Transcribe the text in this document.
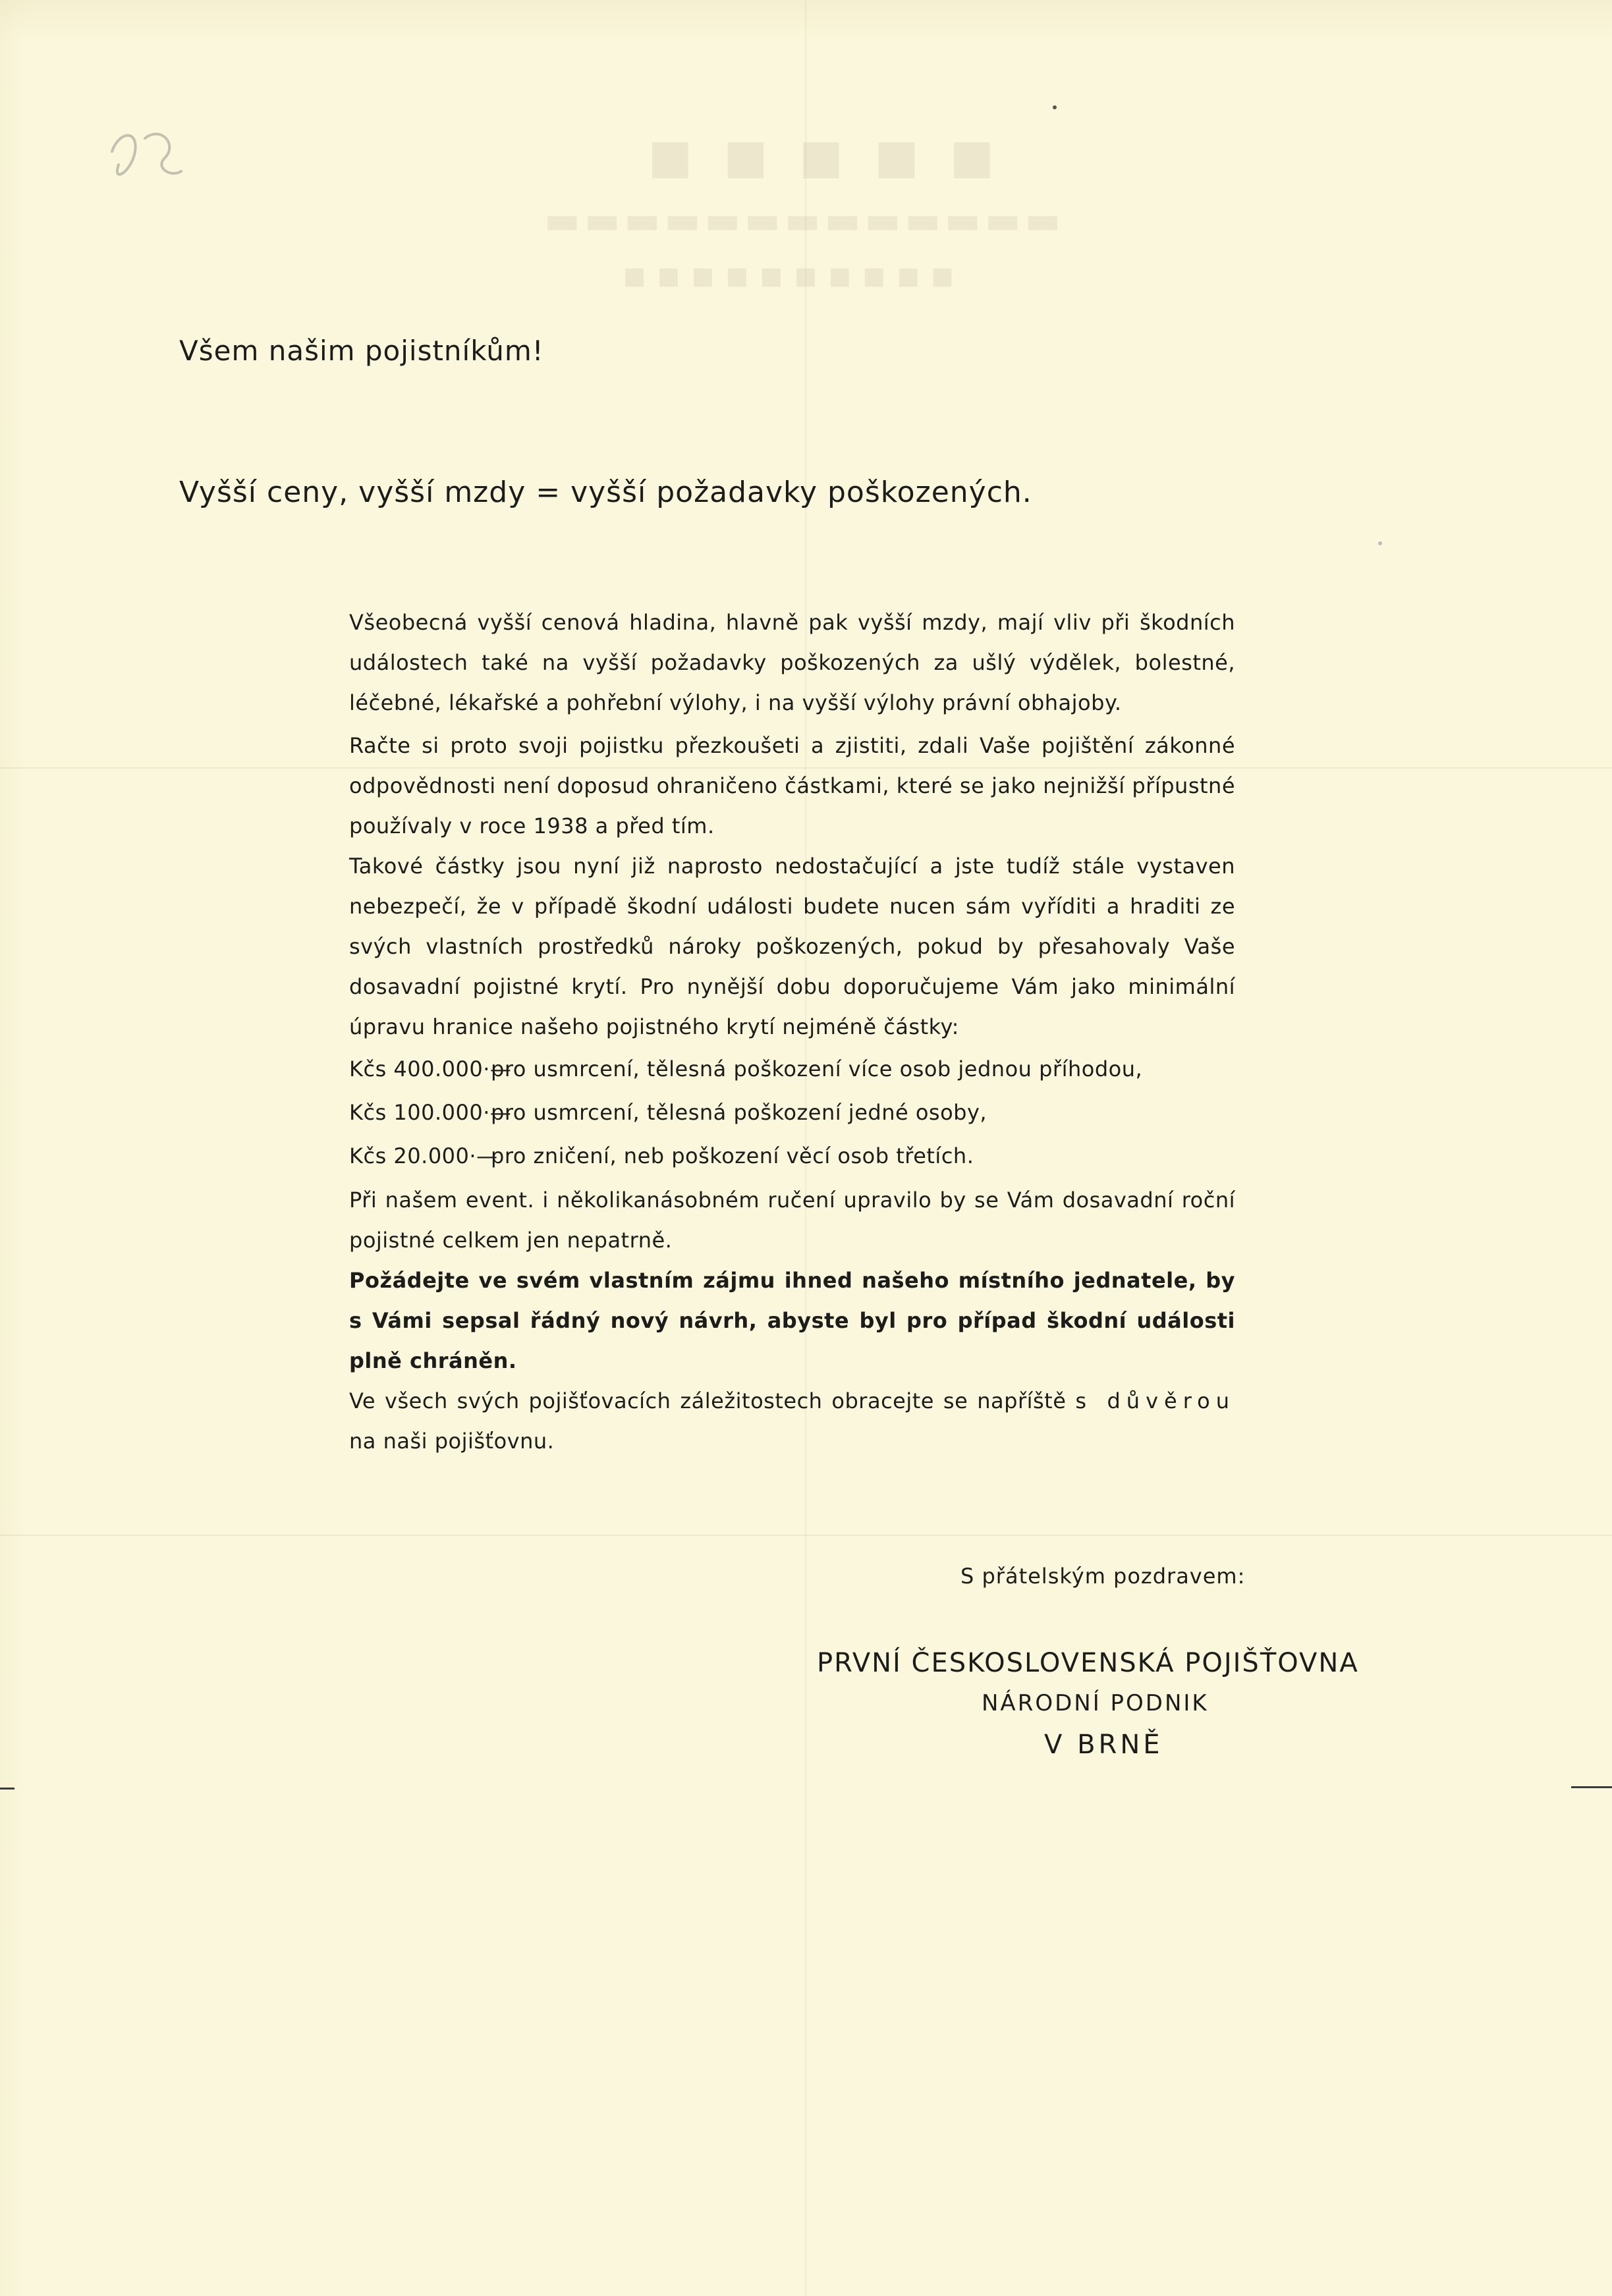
▪▪▪▪▪
▬▬▬▬▬▬▬▬▬▬▬▬▬
▪▪▪▪▪▪▪▪▪▪
Všem našim pojistníkům!
Vyšší ceny, vyšší mzdy = vyšší požadavky poškozených.

Všeobecná vyšší cenová hladina, hlavně pak vyšší mzdy, mají vliv při škodních událostech také na vyšší požadavky poškozených za ušlý výdělek, bolestné, léčebné, lékařské a pohřební výlohy, i na vyšší výlohy právní obhajoby.

Račte si proto svoji pojistku přezkoušeti a zjistiti, zdali Vaše pojištění zákonné odpovědnosti není doposud ohraničeno částkami, které se jako nejnižší přípustné používaly v roce 1938 a před tím.

Takové částky jsou nyní již naprosto nedostačující a jste tudíž stále vystaven nebezpečí, že v případě škodní události budete nucen sám vyříditi a hraditi ze svých vlastních prostředků nároky poškozených, pokud by přesahovaly Vaše dosavadní pojistné krytí. Pro nynější dobu doporučujeme Vám jako minimální úpravu hranice našeho pojistného krytí nejméně částky:

Kčs 400.000·—
pro usmrcení, tělesná poškození více osob jednou příhodou,
Kčs 100.000·—
pro usmrcení, tělesná poškození jedné osoby,
Kčs 20.000·—
pro zničení, neb poškození věcí osob třetích.

Při našem event. i několikanásobném ručení upravilo by se Vám dosavadní roční pojistné celkem jen nepatrně.

Požádejte ve svém vlastním zájmu ihned našeho místního jednatele, by s Vámi sepsal řádný nový návrh, abyste byl pro případ škodní události plně chráněn.

Ve všech svých pojišťovacích záležitostech obracejte se napříště s důvěrou na naši pojišťovnu.

S přátelským pozdravem:

PRVNÍ ČESKOSLOVENSKÁ POJIŠŤOVNA

NÁRODNÍ PODNIK

V BRNĚ
